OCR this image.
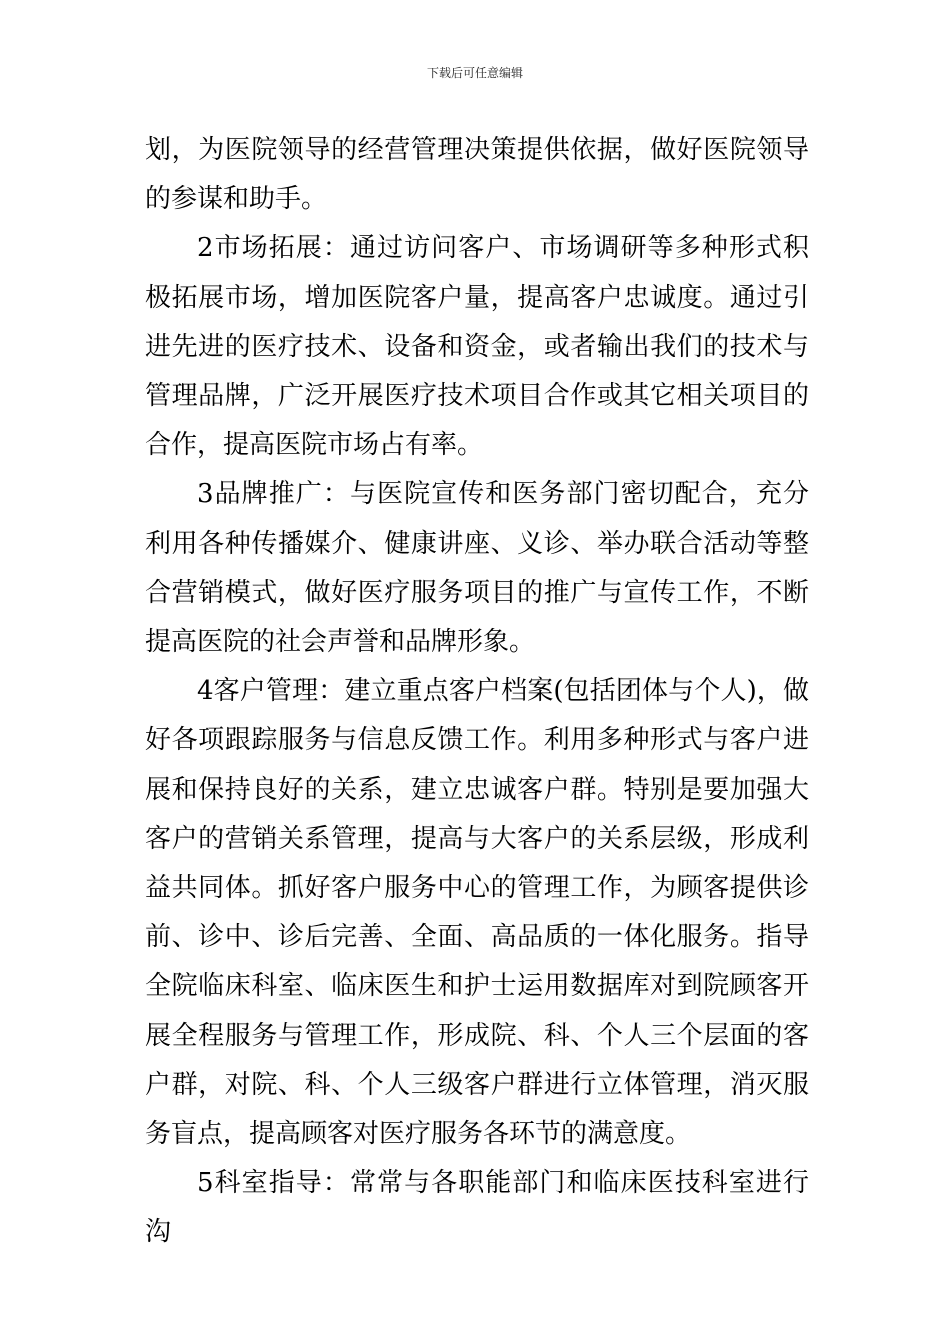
下载后可任意编辑

划，为医院领导的经营管理决策提供依据，做好医院领导的参谋和助手。

2市场拓展：通过访问客户、市场调研等多种形式积极拓展市场，增加医院客户量，提高客户忠诚度。通过引进先进的医疗技术、设备和资金，或者输出我们的技术与管理品牌，广泛开展医疗技术项目合作或其它相关项目的合作，提高医院市场占有率。

3品牌推广：与医院宣传和医务部门密切配合，充分利用各种传播媒介、健康讲座、义诊、举办联合活动等整合营销模式，做好医疗服务项目的推广与宣传工作，不断提高医院的社会声誉和品牌形象。

4客户管理：建立重点客户档案(包括团体与个人)，做好各项跟踪服务与信息反馈工作。利用多种形式与客户进展和保持良好的关系，建立忠诚客户群。特别是要加强大客户的营销关系管理，提高与大客户的关系层级，形成利益共同体。抓好客户服务中心的管理工作，为顾客提供诊前、诊中、诊后完善、全面、高品质的一体化服务。指导全院临床科室、临床医生和护士运用数据库对到院顾客开展全程服务与管理工作，形成院、科、个人三个层面的客户群，对院、科、个人三级客户群进行立体管理，消灭服务盲点，提高顾客对医疗服务各环节的满意度。

5科室指导：常常与各职能部门和临床医技科室进行沟
